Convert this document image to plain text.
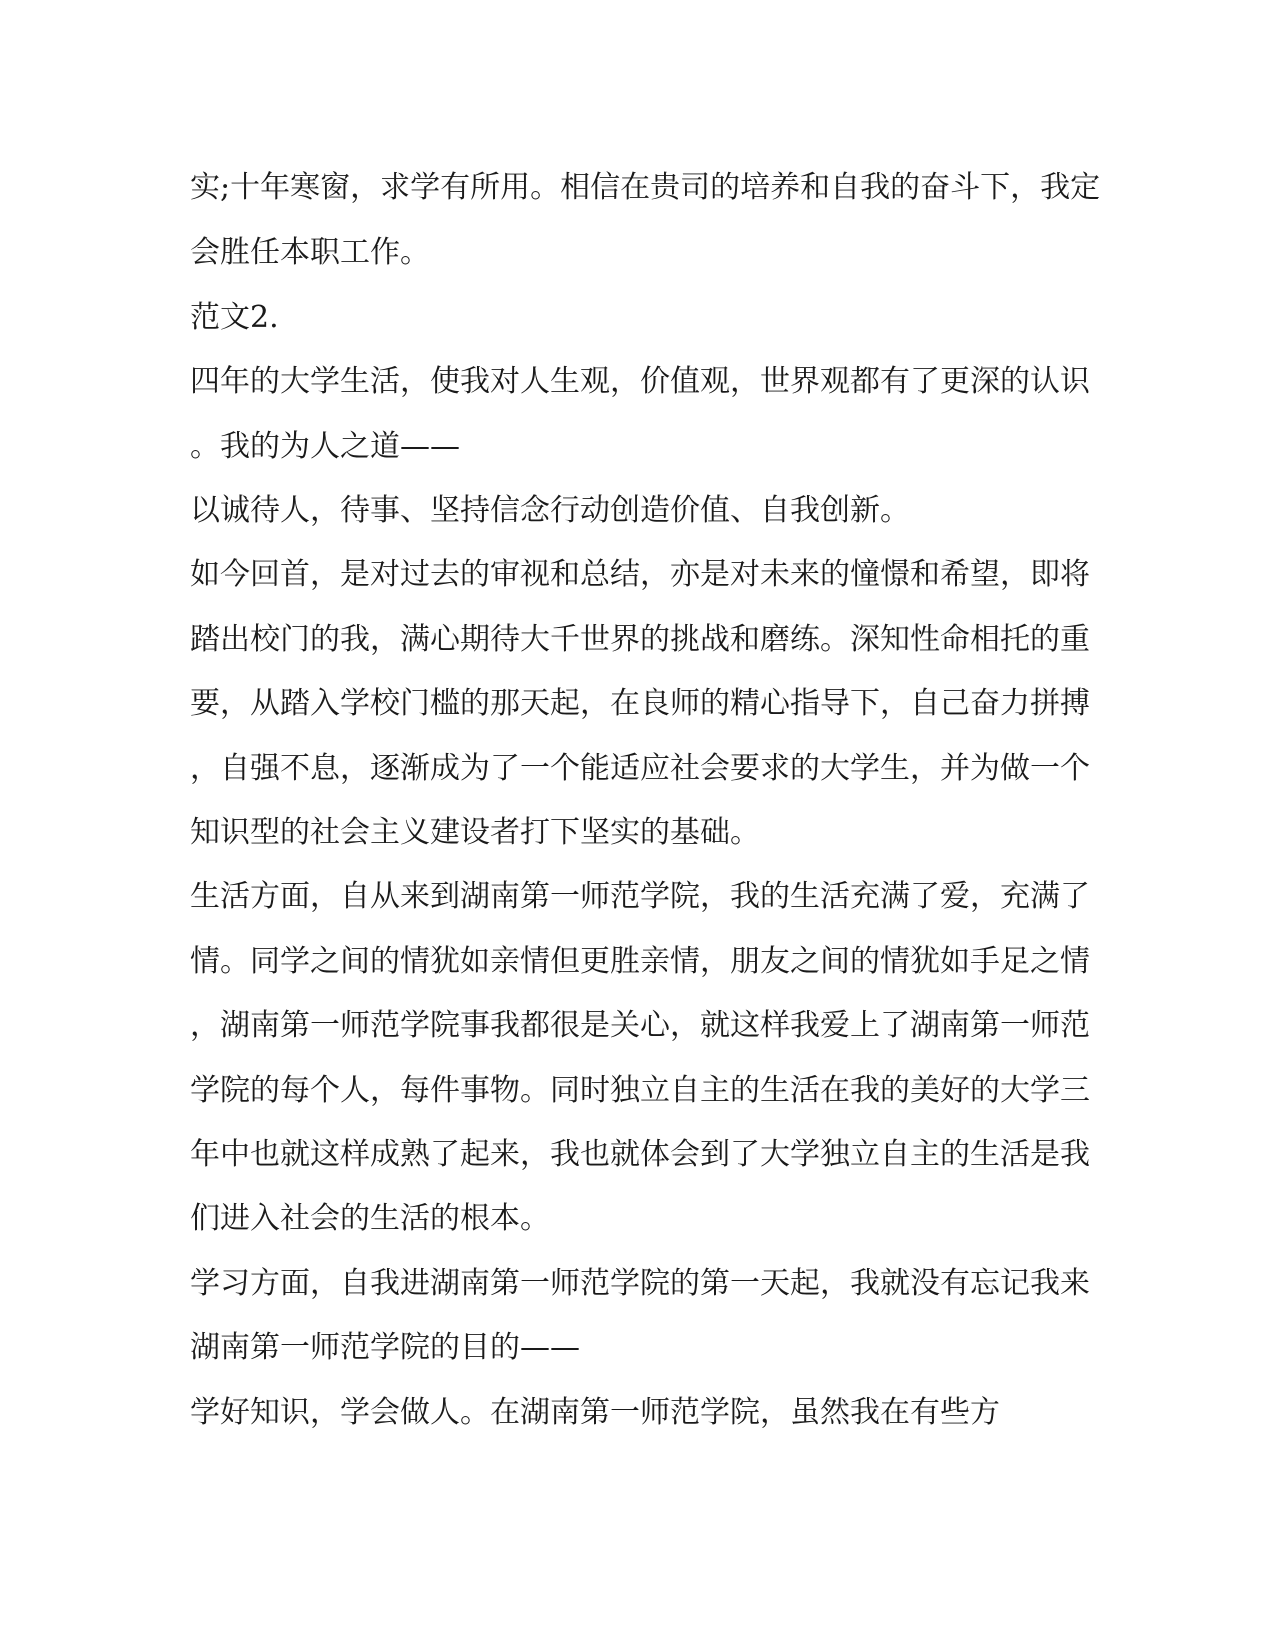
实;十年寒窗，求学有所用。相信在贵司的培养和自我的奋斗下，我定

会胜任本职工作。

范文2.

四年的大学生活，使我对人生观，价值观，世界观都有了更深的认识

。我的为人之道——

以诚待人，待事、坚持信念行动创造价值、自我创新。

如今回首，是对过去的审视和总结，亦是对未来的憧憬和希望，即将

踏出校门的我，满心期待大千世界的挑战和磨练。深知性命相托的重

要，从踏入学校门槛的那天起，在良师的精心指导下，自己奋力拼搏

，自强不息，逐渐成为了一个能适应社会要求的大学生，并为做一个

知识型的社会主义建设者打下坚实的基础。

生活方面，自从来到湖南第一师范学院，我的生活充满了爱，充满了

情。同学之间的情犹如亲情但更胜亲情，朋友之间的情犹如手足之情

，湖南第一师范学院事我都很是关心，就这样我爱上了湖南第一师范

学院的每个人，每件事物。同时独立自主的生活在我的美好的大学三

年中也就这样成熟了起来，我也就体会到了大学独立自主的生活是我

们进入社会的生活的根本。

学习方面，自我进湖南第一师范学院的第一天起，我就没有忘记我来

湖南第一师范学院的目的——

学好知识，学会做人。在湖南第一师范学院，虽然我在有些方
